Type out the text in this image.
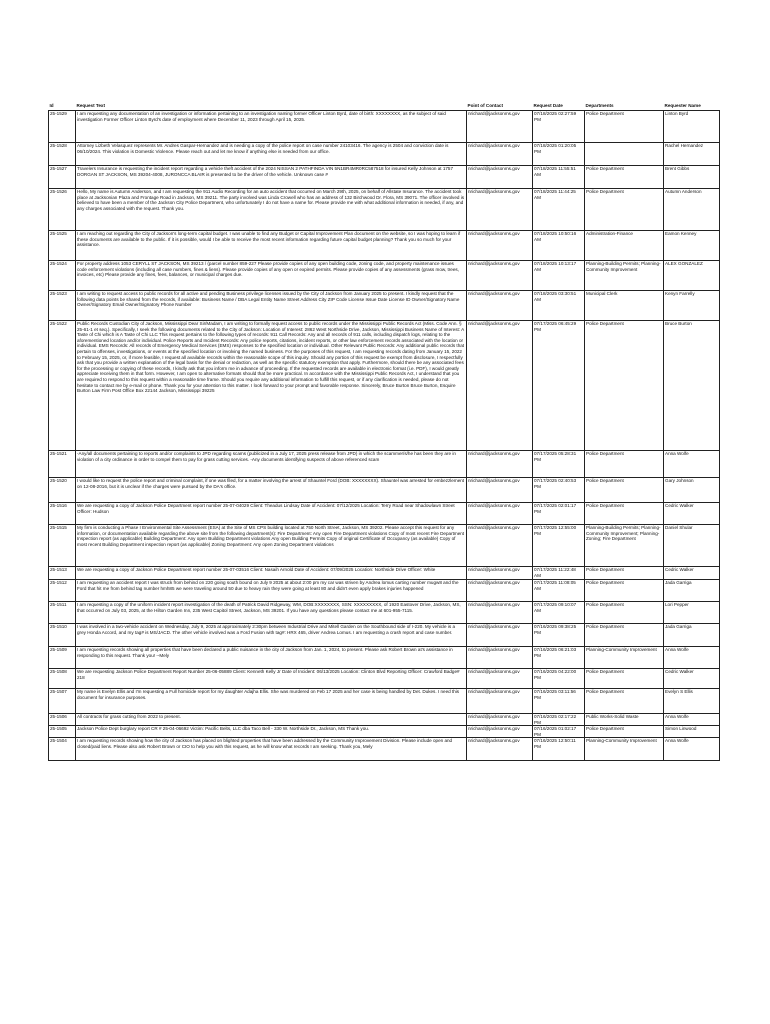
Id	Request Text	Point of Contact	Request Date	Departments	Requester Name
25-1529	I am requesting any documentation of an investigation or information pertaining to an investigation naming former Officer Linton Byrd, date of birth: XXXXXXXX, as the subject of said investigation Former Officer Linton Byrd's date of employment where December 11, 2023 through April 15, 2025.	nrichard@jacksonms.gov	07/18/2025 02:27:59 PM	Police Department	Linton Byrd
25-1528	Attorney Lizbeth Velasquez represents Mr. Andres Gaspar-Hernandez and is needing a copy of the police report on case number 24103416. The agency is 2504 and conviction date is 06/10/2024. This violation is Domestic Violence. Please reach out and let me know if anything else is needed from our office.	nrichard@jacksonms.gov	07/18/2025 01:20:05 PM		Rachel Hernandez
25-1527	Travelers Insurance is requesting the incident report regarding a vehicle theft accident of the 2024 NISSAN 2 PATHFINDA VIN 5N1BR4MR0RC587518 for insured Kelly Johnson at 1757 DORGAN ST JACKSON, MS 39204-4008, JURONCCA BLAIR is presented to be the driver of the vehicle. Unknown case #	nrichard@jacksonms.gov	07/18/2025 11:55:51 AM	Police Department	Brent Gibbs
25-1526	Hello, My name is Autumn Anderson, and I am requesting the 911 Audio Recording for an auto accident that occurred on March 29th, 2025, on behalf of Allstate Insurance. The accident took place at Jacksonian Plaza and Frontage Road in Jackson, MS 39211. The party involved was Linda Crowell who has an address of 132 Birchwood Dr. Flora, MS 39071. The officer involved is believed to have been a member of the Jackson City Police Department, who unfortunately I do not have a name for. Please provide me with what additional information is needed, if any, and any charges associated with the request. Thank you.	nrichard@jacksonms.gov	07/18/2025 11:44:25 AM	Police Department	Autumn Anderson
25-1525	I am reaching out regarding the City of Jackson's long-term capital budget. I was unable to find any Budget or Capital Improvement Plan document on the website, so I was hoping to learn if these documents are available to the public. If it is possible, would I be able to receive the most recent information regarding future capital budget planning? Thank you so much for your assistance.	nrichard@jacksonms.gov	07/18/2025 10:50:16 AM	Administration-Finance	Eamon Kenney
25-1524	For property address 1053 CERYLL ST JACKSON, MS 39213 / (parcel number 859-227 Please provide copies of any open building code, zoning code, and property maintenance issues code enforcement violations (including all case numbers, fines & liens). Please provide copies of any open or expired permits. Please provide copies of any assessments (grass mow, trees, invoices, etc) Please provide any fines, fees, balances, or municipal charges due.	nrichard@jacksonms.gov	07/18/2025 10:13:17 AM	Planning-Building Permits; Planning-Community Improvement	ALEX GONZALEZ
25-1523	I am writing to request access to public records for all active and pending Business privilege licenses issued by the City of Jackson from January 2025 to present. I kindly request that the following data points be shared from the records, if available: Business Name / DBA Legal Entity Name Street Address City ZIP Code License Issue Date License ID Owner/Signatory Name Owner/Signatory Email Owner/Signatory Phone Number	nrichard@jacksonms.gov	07/18/2025 03:30:51 AM	Municipal Clerk	Kenyn Farrelly
25-1522	Public Records Custodian City of Jackson, Mississippi Dear Sir/Madam, I am writing to formally request access to public records under the Mississippi Public Records Act (Miss. Code Ann. § 25-61-1 et seq.). Specifically, I seek the following documents related to the City of Jackson: Location of Interest: 2862 West Northside Drive, Jackson, Mississippi Business Name of Interest: A Taste of Chi which is A Taste of Chi LLC This request pertains to the following types of records: 911 Call Records: Any and all records of 911 calls, including dispatch logs, relating to the aforementioned location and/or individual. Police Reports and Incident Records: Any police reports, citations, incident reports, or other law enforcement records associated with the location or individual. EMS Records: All records of Emergency Medical Services (EMS) responses to the specified location or individual. Other Relevant Public Records: Any additional public records that pertain to offenses, investigations, or events at the specified location or involving the named business. For the purposes of this request, I am requesting records dating from January 15, 2022 to February 15, 2025, or, if more feasible, I request all available records within the reasonable scope of this inquiry. Should any portion of this request be exempt from disclosure, I respectfully ask that you provide a written explanation of the legal basis for the denial or redaction, as well as the specific statutory exemption that apply. Furthermore, should there be any associated fees for the processing or copying of these records, I kindly ask that you inform me in advance of proceeding. If the requested records are available in electronic format (i.e. PDF), I would greatly appreciate receiving them in that form. However, I am open to alternative formats should that be more practical. In accordance with the Mississippi Public Records Act, I understand that you are required to respond to this request within a reasonable time frame. Should you require any additional information to fulfill this request, or if any clarification is needed, please do not hesitate to contact me by e-mail or phone. Thank you for your attention to this matter. I look forward to your prompt and favorable response. Sincerely, Bruce Burton Bruce Burton, Esquire Burton Law Firm Post Office Box 22144 Jackson, Mississippi 39225	nrichard@jacksonms.gov	07/17/2025 06:45:29 PM	Police Department	Bruce Burton
25-1521	-Any/all documents pertaining to reports and/or complaints to JPD regarding scams (publicized in a July 17, 2025 press release from JPD) in which the scammer/s/he has been they are in violation of a city ordinance in order to compel them to pay for grass cutting services. -Any documents identifying suspects of above referenced scam	nrichard@jacksonms.gov	07/17/2025 05:28:31 PM	Police Department	Anna Wolfe
25-1520	I would like to request the police report and criminal complaint, if one was filed, for a matter involving the arrest of Shauntel Ford (DOB: XXXXXXXX). Shauntel was arrested for embezzlement on 12-08-2016, but it is unclear if the charges were pursued by the DA's office.	nrichard@jacksonms.gov	07/17/2025 02:40:53 PM	Police Department	Gary Johnson
25-1516	We are requesting a copy of Jackson Police Department report number 25-07-04029 Client: Theadus Lindsay Date of Accident: 07/12/2025 Location: Terry Road near Shadowlawn Street Officer: Hudson	nrichard@jacksonms.gov	07/17/2025 02:01:17 PM	Police Department	Cedric Walker
25-1515	My firm is conducting a Phase I Environmental Site Assessment (ESA) at the Site of MS CPS building located at 750 North Street, Jackson, MS 39202. Please accept this request for any information, or documentation available regarding the above site from the following department(s): Fire Department: Any open Fire Department violations Copy of most recent Fire Department Inspection report (as applicable) Building Department: Any open Building Department violations Any open Building Permits Copy of original Certificate of Occupancy (as available) Copy of most recent Building Department inspection report (as applicable) Zoning Department: Any open Zoning Department violations	nrichard@jacksonms.gov	07/17/2025 12:55:00 PM	Planning-Building Permits; Planning-Community Improvement; Planning-Zoning; Fire Department	Daniel Shular
25-1513	We are requesting a copy of Jackson Police Department report number 25-07-03516 Client: Nasaih Arnold Date of Accident: 07/09/2025 Location: Northside Drive Officer: White	nrichard@jacksonms.gov	07/17/2025 11:22:48 AM	Police Department	Cedric Walker
25-1512	I am requesting an accident report I was struck from behind on 220 going south bound on July 9 2025 at about 2:00 pm my car was striven by Andrea lomus carting number mugw8 and the Ford that hit me from behind tag number hmh85 we were traveling around 50 due to heavy rain they were going at least 80 and didn't even apply brakes injuries happened	nrichard@jacksonms.gov	07/17/2025 11:08:05 AM	Police Department	Jada Garriga
25-1511	I am requesting a copy of the uniform incident report investigation of the death of Patrick David Ridgeway, WM, DOB:XXXXXXXX, SSN: XXXXXXXXX, of 1920 Eastover Drive, Jackson, MS, that occurred on July 03, 2025, at the Hilton Garden Inn, 235 West Capitol Street, Jackson, MS 39201. If you have any questions please contact me at 601-955-7115.	nrichard@jacksonms.gov	07/17/2025 09:10:07 AM	Police Department	Lori Pepper
25-1510	I was involved in a two-vehicle accident on Wednesday, July 9, 2025 at approximately 2:30pm between Industrial Drive and Mitell Garden on the Southbound side of I-220. My vehicle is a grey Honda Accord, and my tag# is MS/JACD. The other vehicle involved was a Ford Fusion with tag#: HRX 465, driver Andrea Lomus. I am requesting a crash report and case number.	nrichard@jacksonms.gov	07/16/2025 09:38:25 PM	Police Department	Jada Garriga
25-1509	I am requesting records showing all properties that have been declared a public nuisance in the city of Jackson from Jan. 1, 2024, to present. Please ask Robert Brown at's assistance in responding to this request. Thank you! --Mely	nrichard@jacksonms.gov	07/16/2025 06:21:03 PM	Planning-Community Improvement	Anna Wolfe
25-1508	We are requesting Jackson Police Department Report Number 25-06-05889 Client: Kenneth Kelly Jr Date of Incident: 06/13/2025 Location: Clinton Blvd Reporting Officer: Crawford Badge# 218	nrichard@jacksonms.gov	07/16/2025 04:22:00 PM	Police Department	Cedric Walker
25-1507	My name is Evelyn Ellis and I'm requesting a Full homicide report for my daughter Adajha Ellis. She was murdered on Feb 17 2025 and her case is being handled by Det. Dukes. I need this document for insurance purposes.	nrichard@jacksonms.gov	07/16/2025 03:11:56 PM	Police Department	Evelyn S Ellis
25-1506	All contracts for grass cutting from 2022 to present.	nrichard@jacksonms.gov	07/16/2025 02:17:22 PM	Public Works-Solid Waste	Anna Wolfe
25-1505	Jackson Police Dept burglary report CR # 25-04-06692 Victim: Pacific Belts, LLC dba Taco Bell - 330 W. Northside Dr., Jackson, MS Thank you.	nrichard@jacksonms.gov	07/16/2025 01:02:17 PM	Police Department	Simon Linwood
25-1504	I am requesting records showing how the city of Jackson has placed on blighted properties that have been addressed by the Community Improvement Division. Please include open and closed/paid liens. Please also ask Robert Brown or CIO to help you with this request, as he will know what records I am seeking. Thank you, Mely	nrichard@jacksonms.gov	07/16/2025 12:50:11 PM	Planning-Community Improvement	Anna Wolfe
